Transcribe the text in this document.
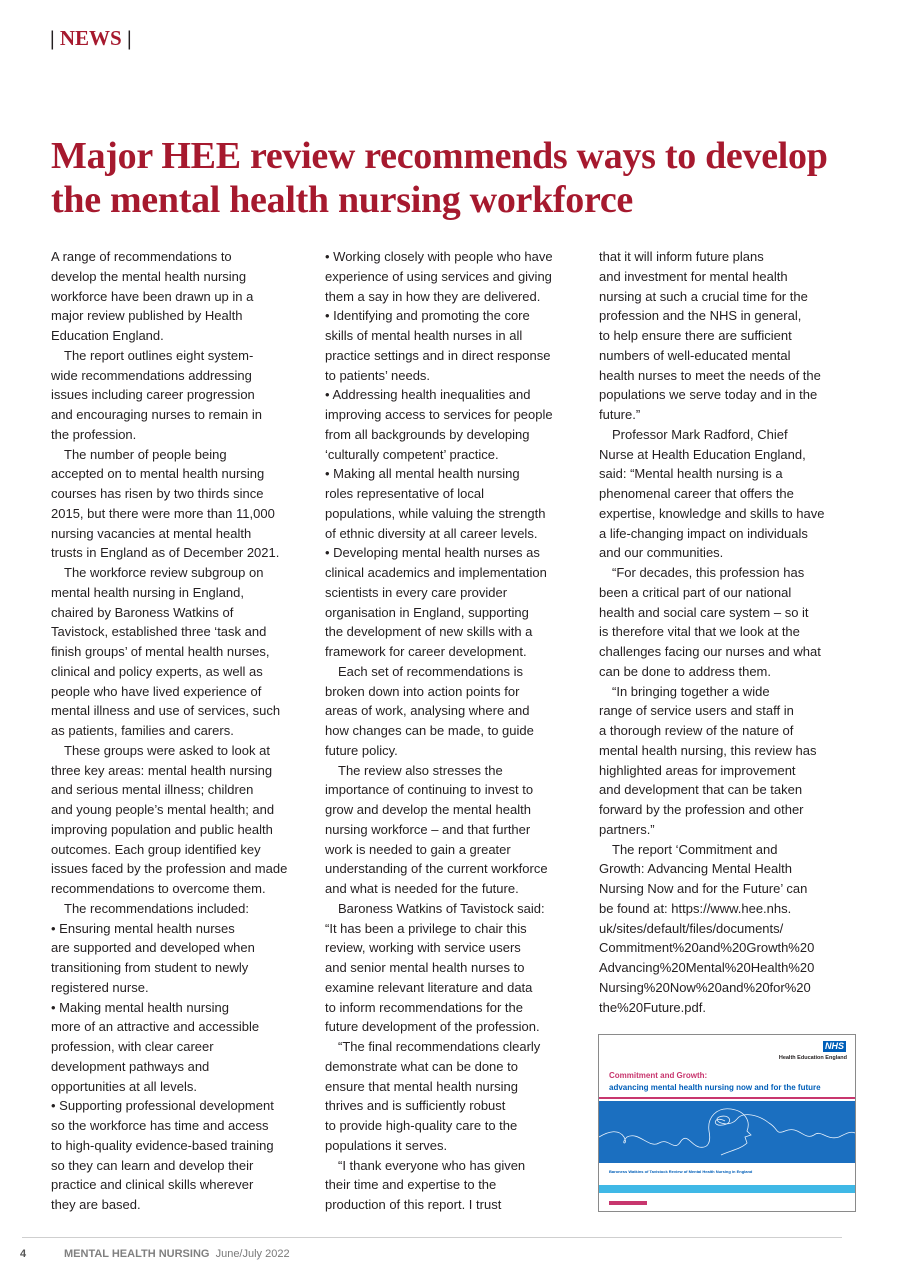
| NEWS |
Major HEE review recommends ways to develop the mental health nursing workforce
A range of recommendations to
develop the mental health nursing
workforce have been drawn up in a
major review published by Health
Education England.
The report outlines eight system-
wide recommendations addressing
issues including career progression
and encouraging nurses to remain in
the profession.
The number of people being
accepted on to mental health nursing
courses has risen by two thirds since
2015, but there were more than 11,000
nursing vacancies at mental health
trusts in England as of December 2021.
The workforce review subgroup on
mental health nursing in England,
chaired by Baroness Watkins of
Tavistock, established three ‘task and
finish groups’ of mental health nurses,
clinical and policy experts, as well as
people who have lived experience of
mental illness and use of services, such
as patients, families and carers.
These groups were asked to look at
three key areas: mental health nursing
and serious mental illness; children
and young people’s mental health; and
improving population and public health
outcomes. Each group identified key
issues faced by the profession and made
recommendations to overcome them.
The recommendations included:
• Ensuring mental health nurses
are supported and developed when
transitioning from student to newly
registered nurse.
• Making mental health nursing
more of an attractive and accessible
profession, with clear career
development pathways and
opportunities at all levels.
• Supporting professional development
so the workforce has time and access
to high-quality evidence-based training
so they can learn and develop their
practice and clinical skills wherever
they are based.
• Working closely with people who have
experience of using services and giving
them a say in how they are delivered.
• Identifying and promoting the core
skills of mental health nurses in all
practice settings and in direct response
to patients’ needs.
• Addressing health inequalities and
improving access to services for people
from all backgrounds by developing
‘culturally competent’ practice.
• Making all mental health nursing
roles representative of local
populations, while valuing the strength
of ethnic diversity at all career levels.
• Developing mental health nurses as
clinical academics and implementation
scientists in every care provider
organisation in England, supporting
the development of new skills with a
framework for career development.
Each set of recommendations is
broken down into action points for
areas of work, analysing where and
how changes can be made, to guide
future policy.
The review also stresses the
importance of continuing to invest to
grow and develop the mental health
nursing workforce – and that further
work is needed to gain a greater
understanding of the current workforce
and what is needed for the future.
Baroness Watkins of Tavistock said:
“It has been a privilege to chair this
review, working with service users
and senior mental health nurses to
examine relevant literature and data
to inform recommendations for the
future development of the profession.
“The final recommendations clearly
demonstrate what can be done to
ensure that mental health nursing
thrives and is sufficiently robust
to provide high-quality care to the
populations it serves.
“I thank everyone who has given
their time and expertise to the
production of this report. I trust
that it will inform future plans
and investment for mental health
nursing at such a crucial time for the
profession and the NHS in general,
to help ensure there are sufficient
numbers of well-educated mental
health nurses to meet the needs of the
populations we serve today and in the
future.”
Professor Mark Radford, Chief
Nurse at Health Education England,
said: “Mental health nursing is a
phenomenal career that offers the
expertise, knowledge and skills to have
a life-changing impact on individuals
and our communities.
“For decades, this profession has
been a critical part of our national
health and social care system – so it
is therefore vital that we look at the
challenges facing our nurses and what
can be done to address them.
“In bringing together a wide
range of service users and staff in
a thorough review of the nature of
mental health nursing, this review has
highlighted areas for improvement
and development that can be taken
forward by the profession and other
partners.”
The report ‘Commitment and
Growth: Advancing Mental Health
Nursing Now and for the Future’ can
be found at: https://www.hee.nhs.
uk/sites/default/files/documents/
Commitment%20and%20Growth%20
Advancing%20Mental%20Health%20
Nursing%20Now%20and%20for%20
the%20Future.pdf.
NHS
Health Education England
Commitment and Growth:
advancing mental health nursing now and for the future
Baroness Watkins of Tavistock Review of Mental Health Nursing in England
4	MENTAL HEALTH NURSING June/July 2022
